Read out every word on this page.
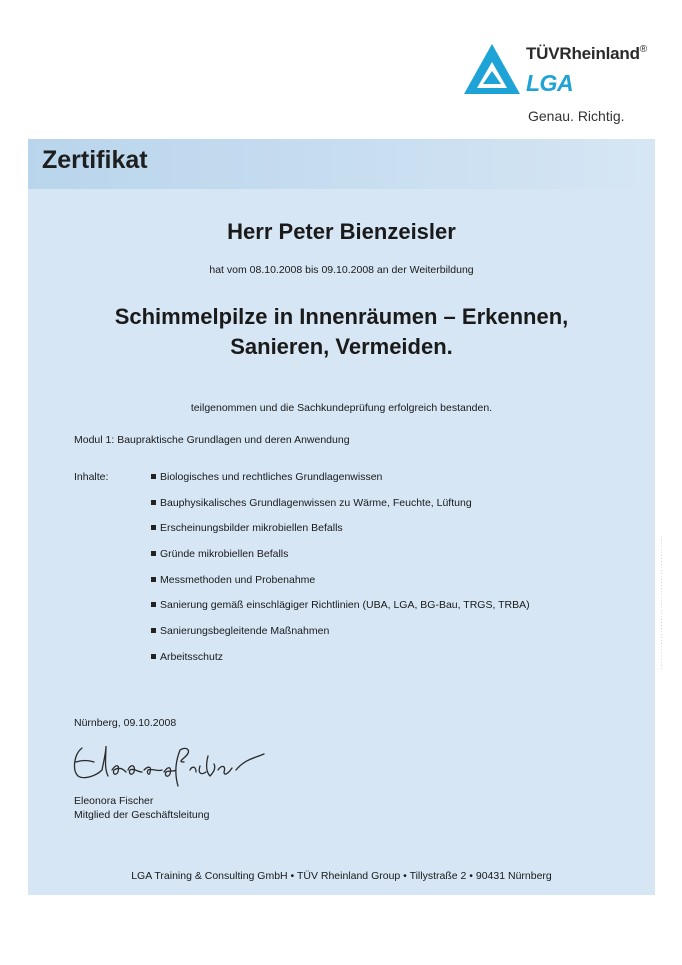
TÜVRheinland®
LGA
Genau. Richtig.
Zertifikat
Herr Peter Bienzeisler
hat vom 08.10.2008 bis 09.10.2008 an der Weiterbildung
Schimmelpilze in Innenräumen – Erkennen,
Sanieren, Vermeiden.
teilgenommen und die Sachkundeprüfung erfolgreich bestanden.
Modul 1: Baupraktische Grundlagen und deren Anwendung
Inhalte:	Biologisches und rechtliches Grundlagenwissen
Bauphysikalisches Grundlagenwissen zu Wärme, Feuchte, Lüftung
Erscheinungsbilder mikrobiellen Befalls
Gründe mikrobiellen Befalls
Messmethoden und Probenahme
Sanierung gemäß einschlägiger Richtlinien (UBA, LGA, BG-Bau, TRGS, TRBA)
Sanierungsbegleitende Maßnahmen
Arbeitsschutz
Nürnberg, 09.10.2008
Eleonora Fischer
Mitglied der Geschäftsleitung
LGA Training & Consulting GmbH • TÜV Rheinland Group • Tillystraße 2 • 90431 Nürnberg
· · · · · · · · · · · · · · · · · · · · · · · · · · · · · · · · · · · · · · · · · · · ·
